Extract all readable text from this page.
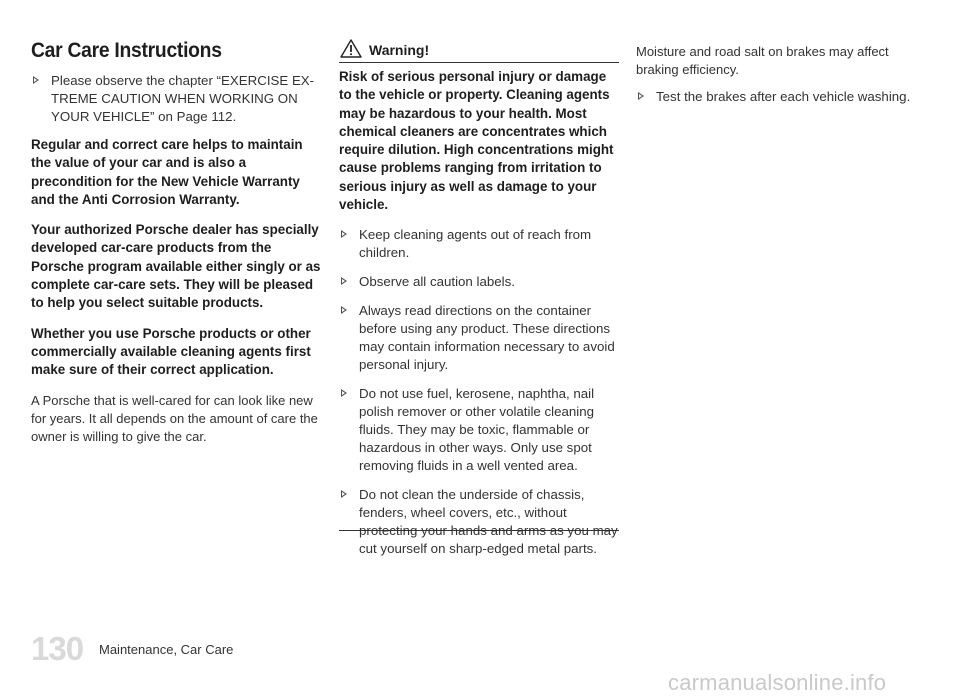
Car Care Instructions

Please observe the chapter “EXERCISE EX-TREME CAUTION WHEN WORKING ON YOUR VEHICLE” on Page 112.

Regular and correct care helps to maintain the value of your car and is also a precondition for the New Vehicle Warranty and the Anti Corrosion Warranty.

Your authorized Porsche dealer has specially developed car-care products from the Porsche program available either singly or as complete car-care sets. They will be pleased to help you select suitable products.

Whether you use Porsche products or other commercially available cleaning agents first make sure of their correct application.

A Porsche that is well-cared for can look like new for years. It all depends on the amount of care the owner is willing to give the car.

Warning!

Risk of serious personal injury or damage to the vehicle or property. Cleaning agents may be hazardous to your health. Most chemical cleaners are concentrates which require dilution. High concentrations might cause problems ranging from irritation to serious injury as well as damage to your vehicle.

Keep cleaning agents out of reach from children.

Observe all caution labels.

Always read directions on the container before using any product. These directions may contain information necessary to avoid personal injury.

Do not use fuel, kerosene, naphtha, nail polish remover or other volatile cleaning fluids. They may be toxic, flammable or hazardous in other ways. Only use spot removing fluids in a well vented area.

Do not clean the underside of chassis, fenders, wheel covers, etc., without protecting your hands and arms as you may cut yourself on sharp-edged metal parts.

Moisture and road salt on brakes may affect braking efficiency.

Test the brakes after each vehicle washing.

130 Maintenance, Car Care
carmanualsonline.info
